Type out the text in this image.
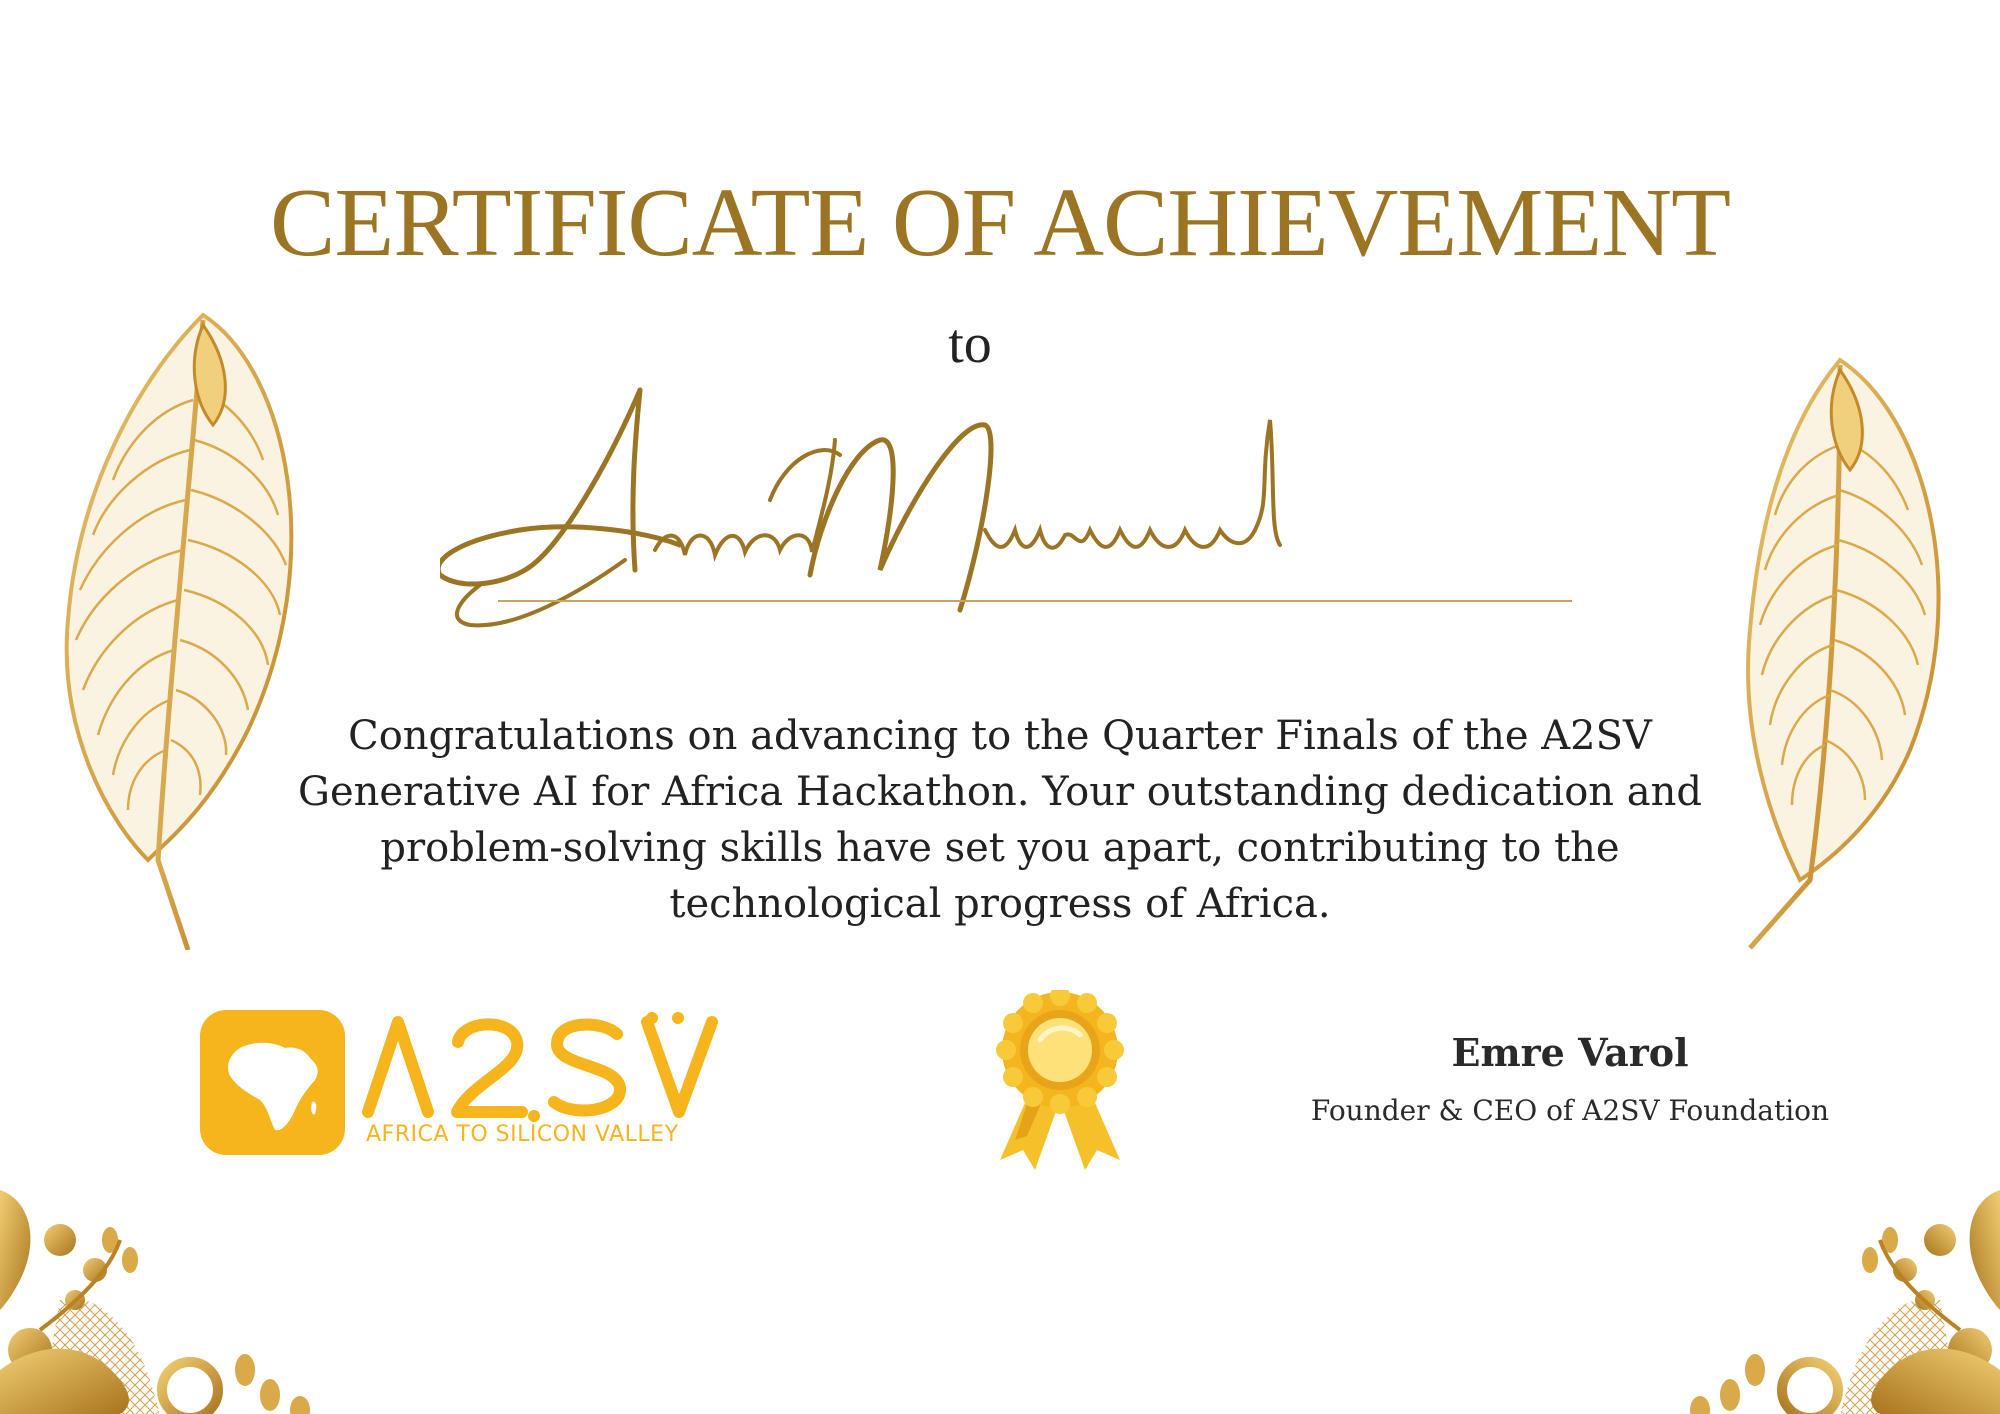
CERTIFICATE OF ACHIEVEMENT
to
Congratulations on advancing to the Quarter Finals of the A2SV Generative AI for Africa Hackathon. Your outstanding dedication and problem-solving skills have set you apart, contributing to the technological progress of Africa.
AFRICA TO SILICON VALLEY
Emre Varol
Founder & CEO of A2SV Foundation
